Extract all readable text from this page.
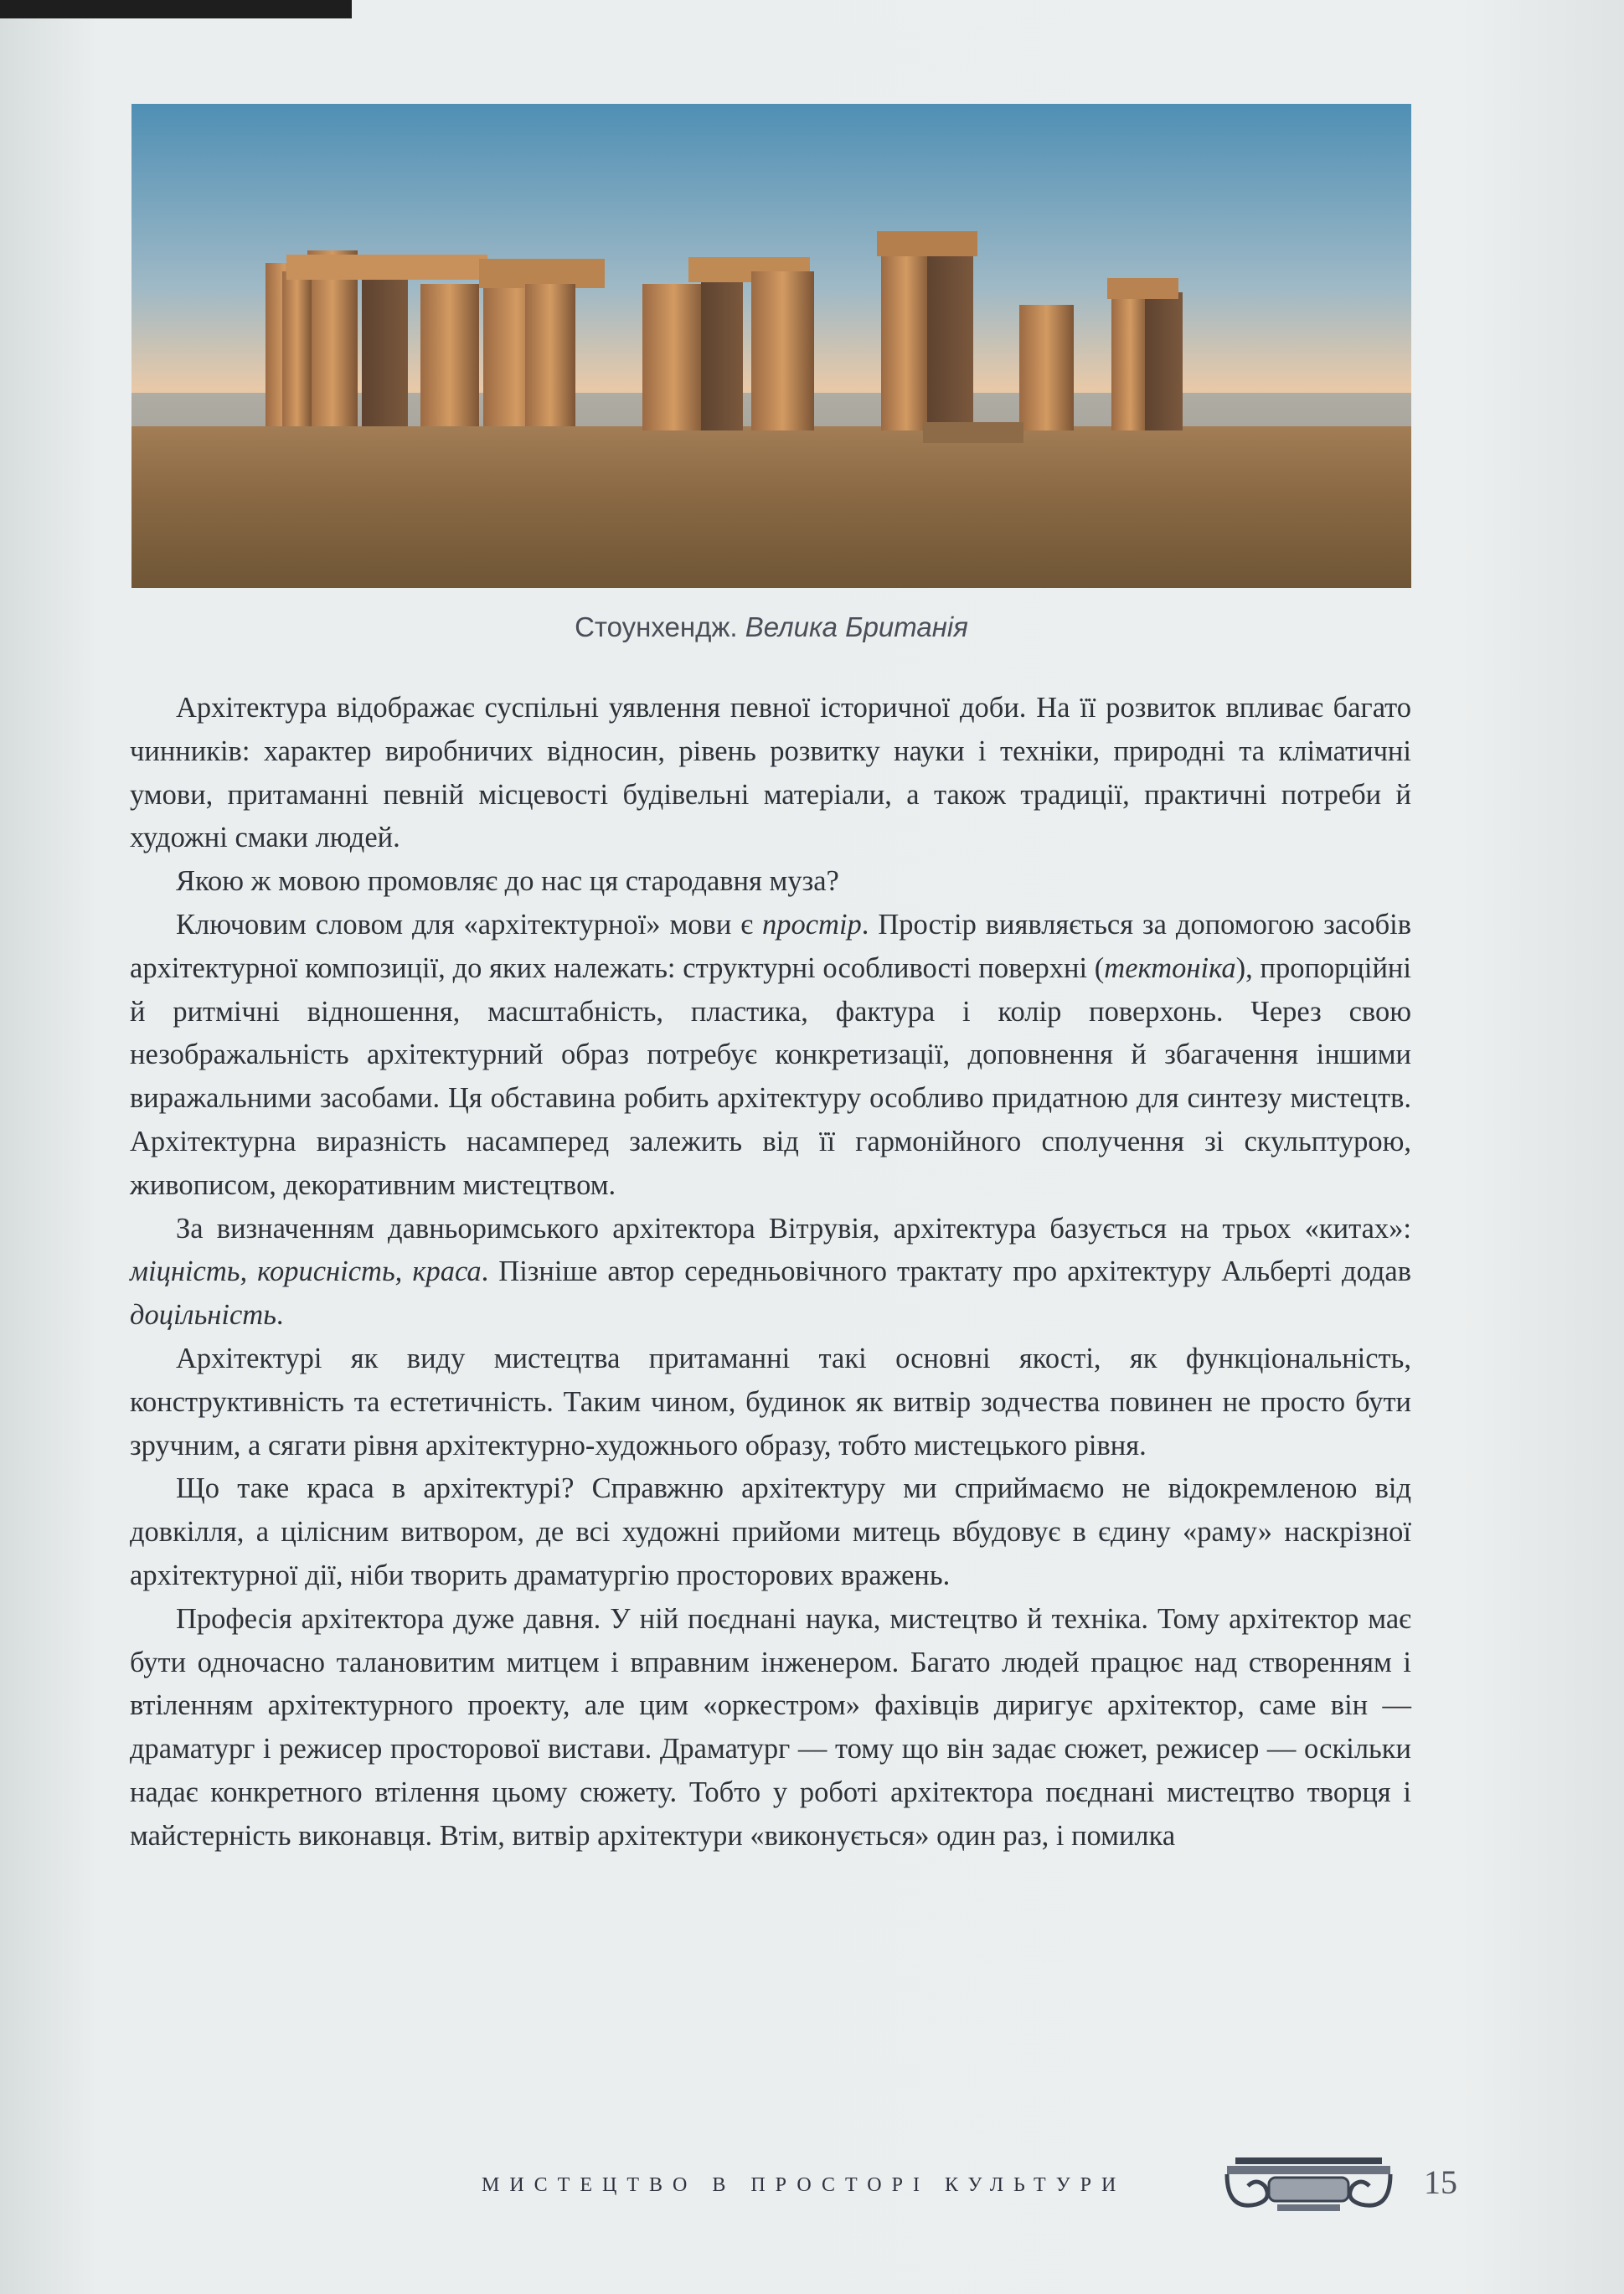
Стоунхендж. Велика Британія

Архітектура відображає суспільні уявлення певної історичної доби. На її розвиток впливає багато чинників: характер виробничих відносин, рівень розвитку науки і техніки, природні та кліматичні умови, притаманні певній місцевості будівельні матеріали, а також традиції, практичні потреби й художні смаки людей.

Якою ж мовою промовляє до нас ця стародавня муза?

Ключовим словом для «архітектурної» мови є простір. Простір виявляється за допомогою засобів архітектурної композиції, до яких належать: структурні особливості поверхні (тектоніка), пропорційні й ритмічні відношення, масштабність, пластика, фактура і колір поверхонь. Через свою незображальність архітектурний образ потребує конкретизації, доповнення й збагачення іншими виражальними засобами. Ця обставина робить архітектуру особливо придатною для синтезу мистецтв. Архітектурна виразність насамперед залежить від її гармонійного сполучення зі скульптурою, живописом, декоративним мистецтвом.

За визначенням давньоримського архітектора Вітрувія, архітектура базується на трьох «китах»: міцність, корисність, краса. Пізніше автор середньовічного трактату про архітектуру Альберті додав доцільність.

Архітектурі як виду мистецтва притаманні такі основні якості, як функціональність, конструктивність та естетичність. Таким чином, будинок як витвір зодчества повинен не просто бути зручним, а сягати рівня архітектурно-художнього образу, тобто мистецького рівня.

Що таке краса в архітектурі? Справжню архітектуру ми сприймаємо не відокремленою від довкілля, а цілісним витвором, де всі художні прийоми митець вбудовує в єдину «раму» наскрізної архітектурної дії, ніби творить драматургію просторових вражень.

Професія архітектора дуже давня. У ній поєднані наука, мистецтво й техніка. Тому архітектор має бути одночасно талановитим митцем і вправним інженером. Багато людей працює над створенням і втіленням архітектурного проекту, але цим «оркестром» фахівців диригує архітектор, саме він — драматург і режисер просторової вистави. Драматург — тому що він задає сюжет, режисер — оскільки надає конкретного втілення цьому сюжету. Тобто у роботі архітектора поєднані мистецтво творця і майстерність виконавця. Втім, витвір архітектури «виконується» один раз, і помилка

МИСТЕЦТВО В ПРОСТОРІ КУЛЬТУРИ	15
